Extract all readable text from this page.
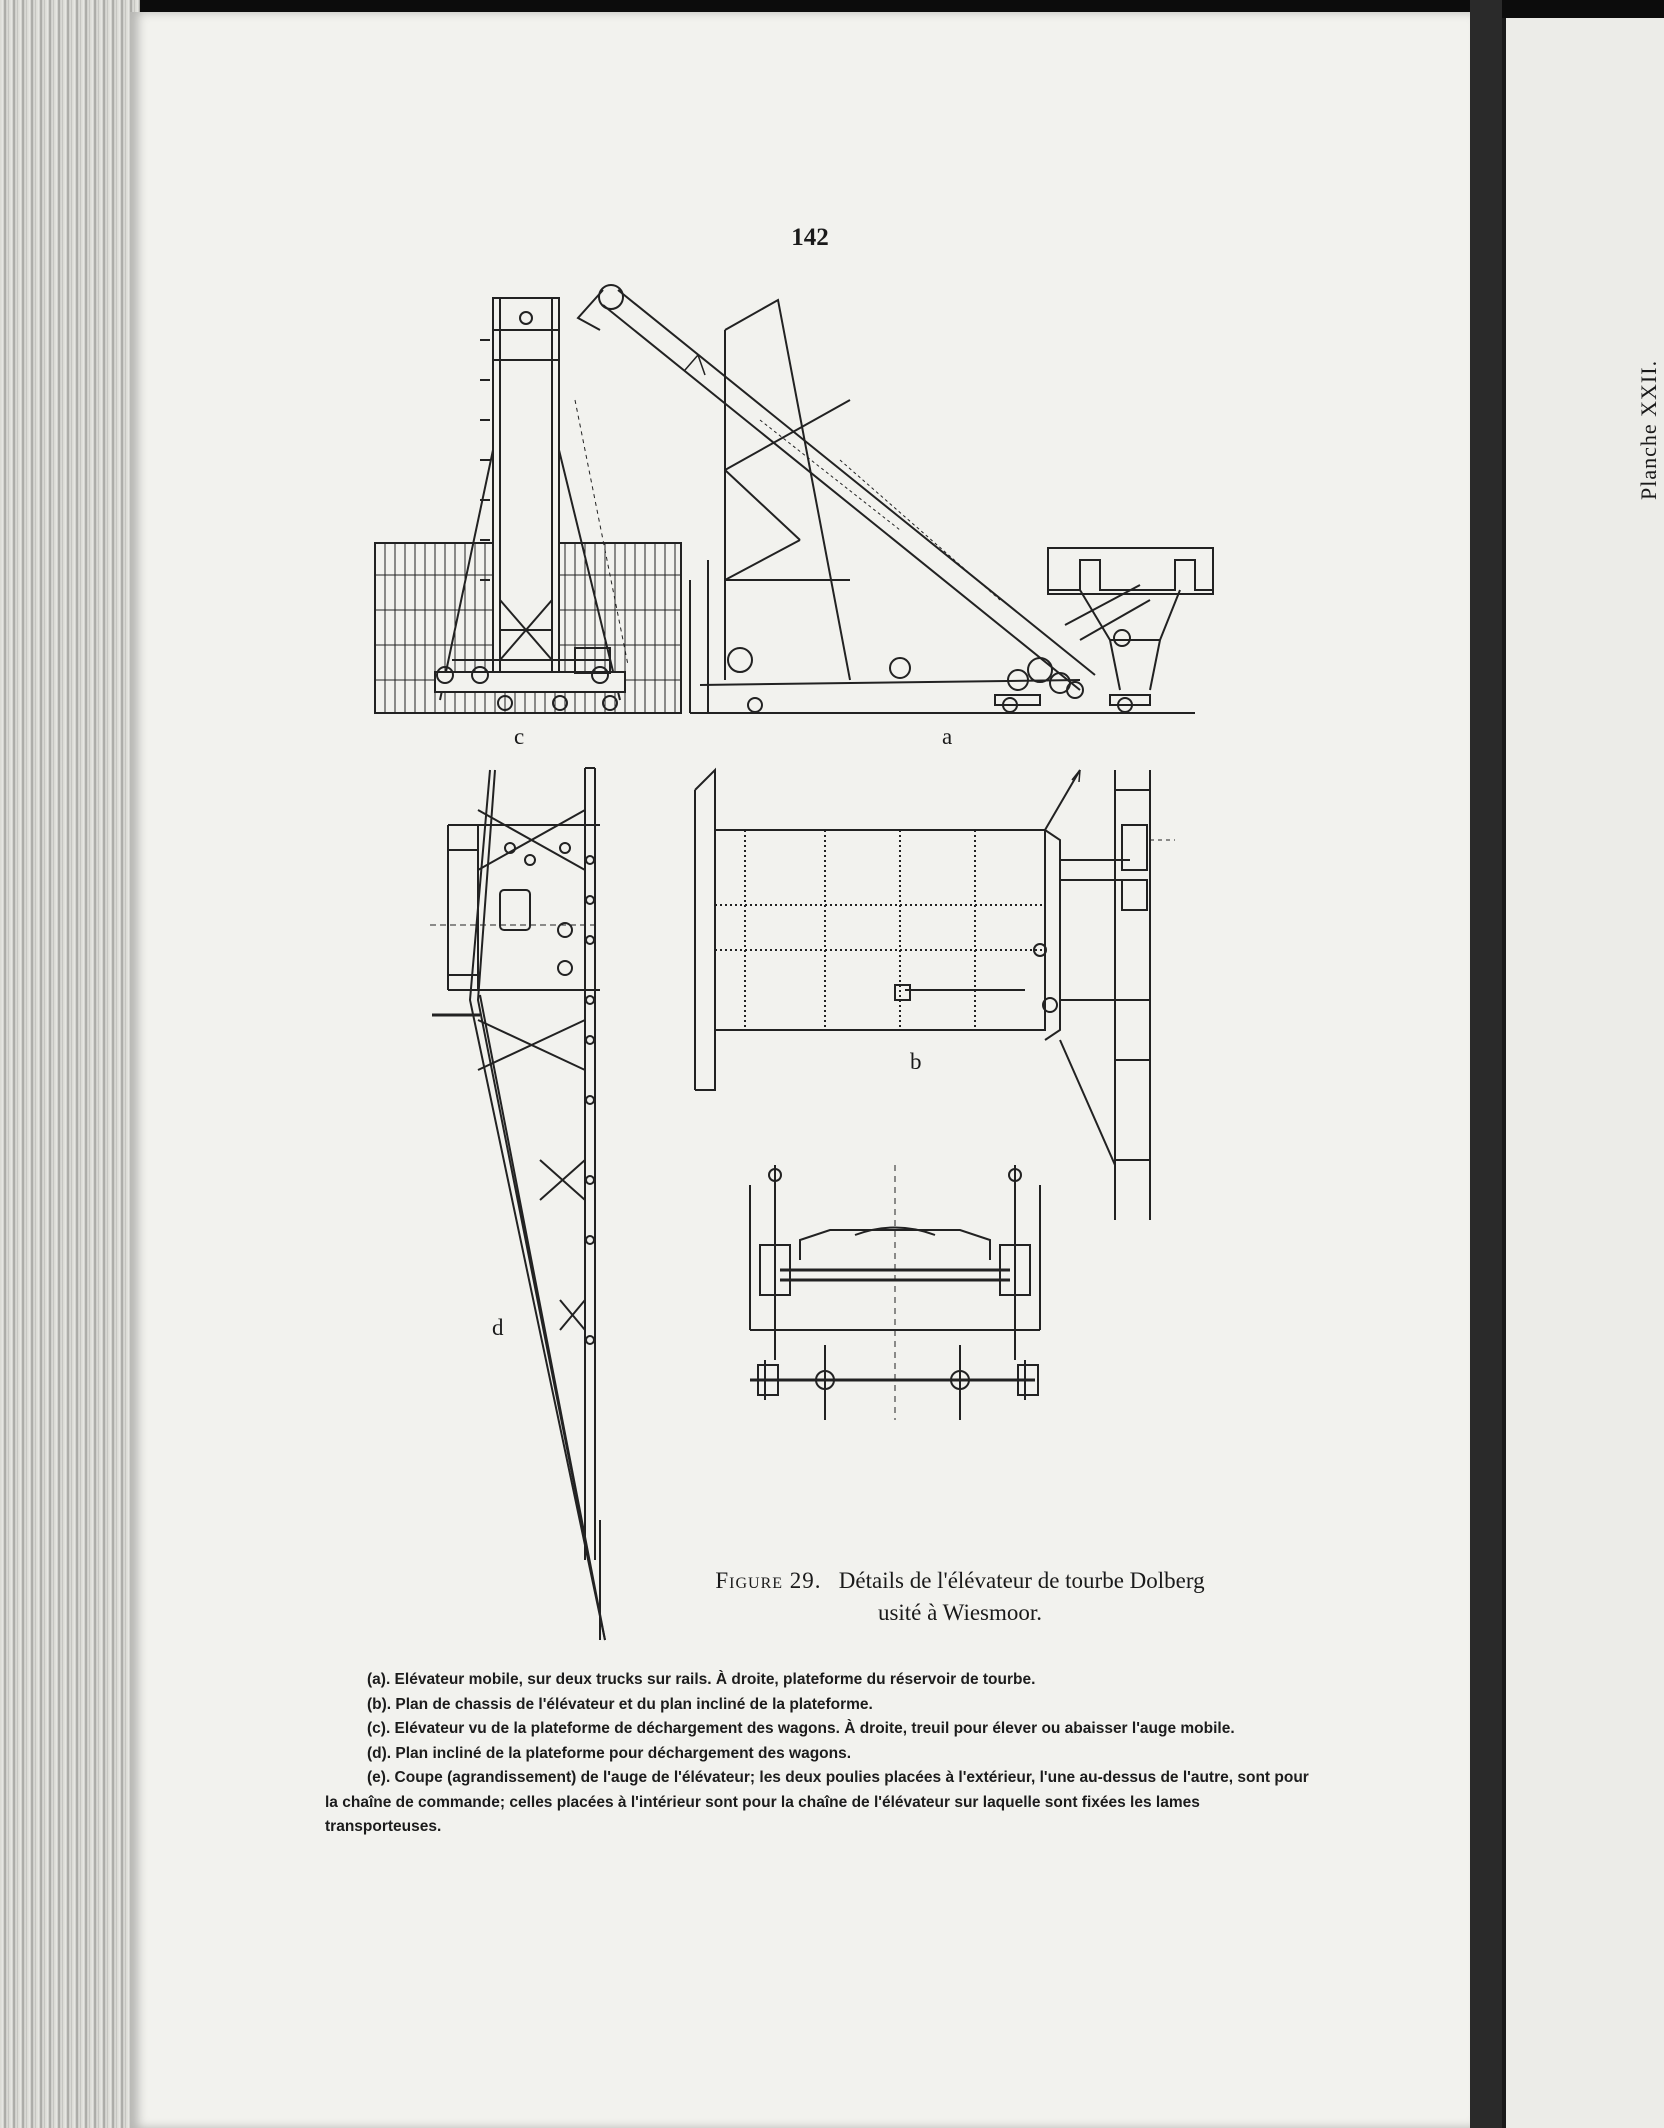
Planche XXII.
142
c	a
b
d
Figure 29. Détails de l'élévateur de tourbe Dolberg
usité à Wiesmoor.

(a). Elévateur mobile, sur deux trucks sur rails. À droite, plateforme du réservoir de tourbe.

(b). Plan de chassis de l'élévateur et du plan incliné de la plateforme.

(c). Elévateur vu de la plateforme de déchargement des wagons. À droite, treuil pour élever ou abaisser l'auge mobile.

(d). Plan incliné de la plateforme pour déchargement des wagons.

(e). Coupe (agrandissement) de l'auge de l'élévateur; les deux poulies placées à l'extérieur, l'une au-dessus de l'autre, sont pour la chaîne de commande; celles placées à l'intérieur sont pour la chaîne de l'élévateur sur laquelle sont fixées les lames transporteuses.
